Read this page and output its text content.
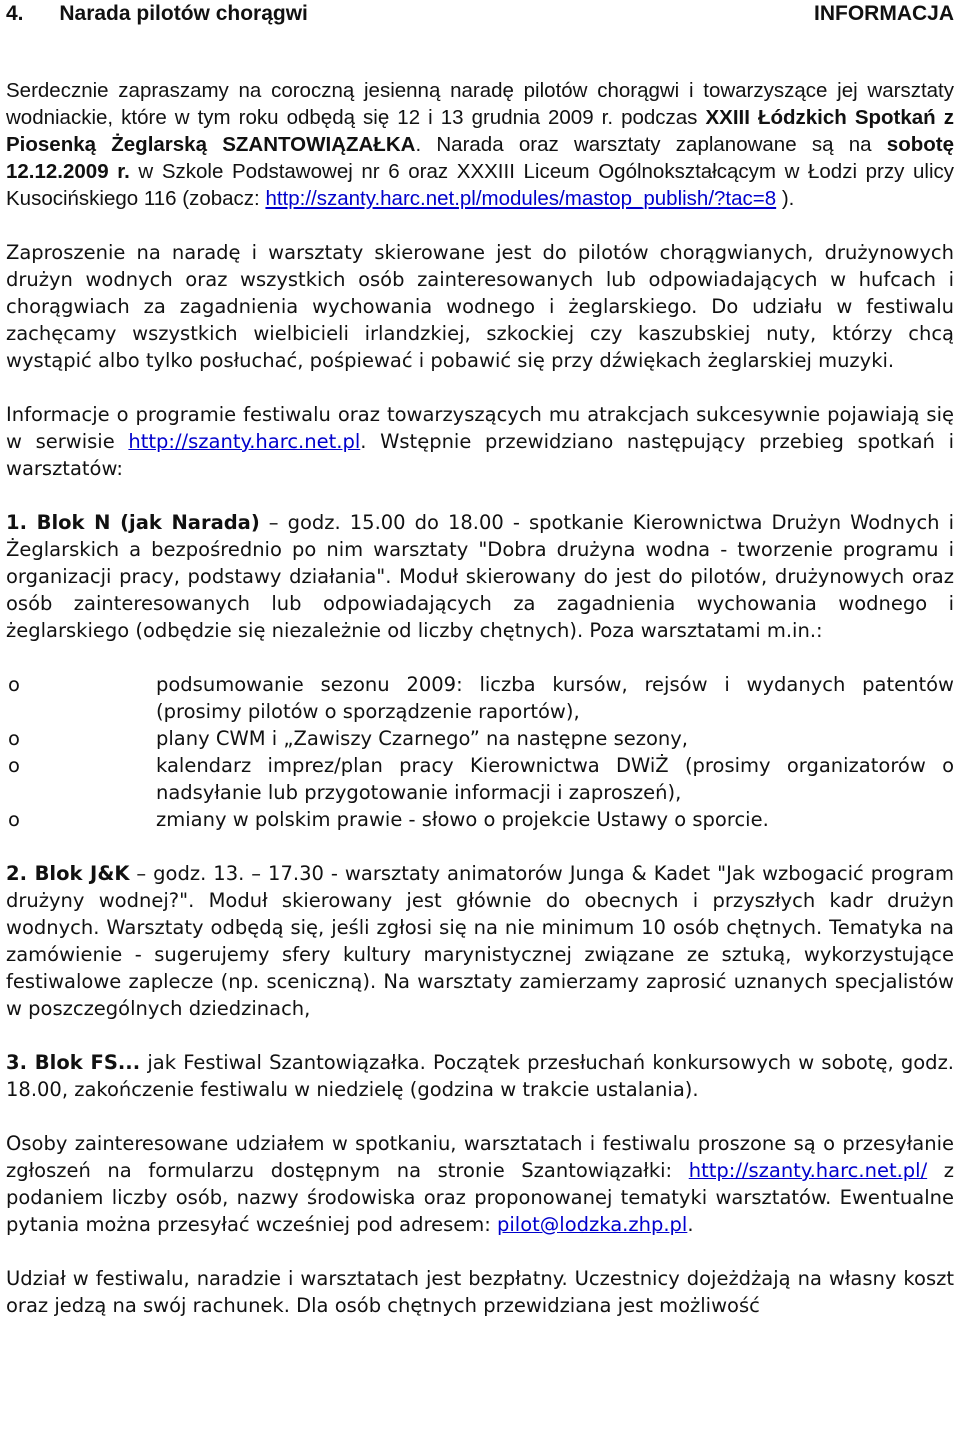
4. Narada pilotów chorągwi	INFORMACJA

Serdecznie zapraszamy na coroczną jesienną naradę pilotów chorągwi i towarzyszące jej warsztaty wodniackie, które w tym roku odbędą się 12 i 13 grudnia 2009 r. podczas XXIII Łódzkich Spotkań z Piosenką Żeglarską SZANTOWIĄZAŁKA. Narada oraz warsztaty zaplanowane są na sobotę 12.12.2009 r. w Szkole Podstawowej nr 6 oraz XXXIII Liceum Ogólnokształcącym w Łodzi przy ulicy Kusocińskiego 116 (zobacz: http://szanty.harc.net.pl/modules/mastop_publish/?tac=8 ).

Zaproszenie na naradę i warsztaty skierowane jest do pilotów chorągwianych, drużynowych drużyn wodnych oraz wszystkich osób zainteresowanych lub odpowiadających w hufcach i chorągwiach za zagadnienia wychowania wodnego i żeglarskiego. Do udziału w festiwalu zachęcamy wszystkich wielbicieli irlandzkiej, szkockiej czy kaszubskiej nuty, którzy chcą wystąpić albo tylko posłuchać, pośpiewać i pobawić się przy dźwiękach żeglarskiej muzyki.

Informacje o programie festiwalu oraz towarzyszących mu atrakcjach sukcesywnie pojawiają się w serwisie http://szanty.harc.net.pl. Wstępnie przewidziano następujący przebieg spotkań i warsztatów:

1. Blok N (jak Narada) – godz. 15.00 do 18.00 - spotkanie Kierownictwa Drużyn Wodnych i Żeglarskich a bezpośrednio po nim warsztaty "Dobra drużyna wodna - tworzenie programu i organizacji pracy, podstawy działania". Moduł skierowany do jest do pilotów, drużynowych oraz osób zainteresowanych lub odpowiadających za zagadnienia wychowania wodnego i żeglarskiego (odbędzie się niezależnie od liczby chętnych). Poza warsztatami m.in.:

o	podsumowanie sezonu 2009: liczba kursów, rejsów i wydanych patentów (prosimy pilotów o sporządzenie raportów),
o	plany CWM i „Zawiszy Czarnego” na następne sezony,
o	kalendarz imprez/plan pracy Kierownictwa DWiŻ (prosimy organizatorów o nadsyłanie lub przygotowanie informacji i zaproszeń),
o	zmiany w polskim prawie - słowo o projekcie Ustawy o sporcie.

2. Blok J&K – godz. 13. – 17.30 - warsztaty animatorów Junga & Kadet "Jak wzbogacić program drużyny wodnej?". Moduł skierowany jest głównie do obecnych i przyszłych kadr drużyn wodnych. Warsztaty odbędą się, jeśli zgłosi się na nie minimum 10 osób chętnych. Tematyka na zamówienie - sugerujemy sfery kultury marynistycznej związane ze sztuką, wykorzystujące festiwalowe zaplecze (np. sceniczną). Na warsztaty zamierzamy zaprosić uznanych specjalistów w poszczególnych dziedzinach,

3. Blok FS... jak Festiwal Szantowiązałka. Początek przesłuchań konkursowych w sobotę, godz. 18.00, zakończenie festiwalu w niedzielę (godzina w trakcie ustalania).

Osoby zainteresowane udziałem w spotkaniu, warsztatach i festiwalu proszone są o przesyłanie zgłoszeń na formularzu dostępnym na stronie Szantowiązałki: http://szanty.harc.net.pl/ z podaniem liczby osób, nazwy środowiska oraz proponowanej tematyki warsztatów. Ewentualne pytania można przesyłać wcześniej pod adresem: pilot@lodzka.zhp.pl.

Udział w festiwalu, naradzie i warsztatach jest bezpłatny. Uczestnicy dojeżdżają na własny koszt oraz jedzą na swój rachunek. Dla osób chętnych przewidziana jest możliwość
